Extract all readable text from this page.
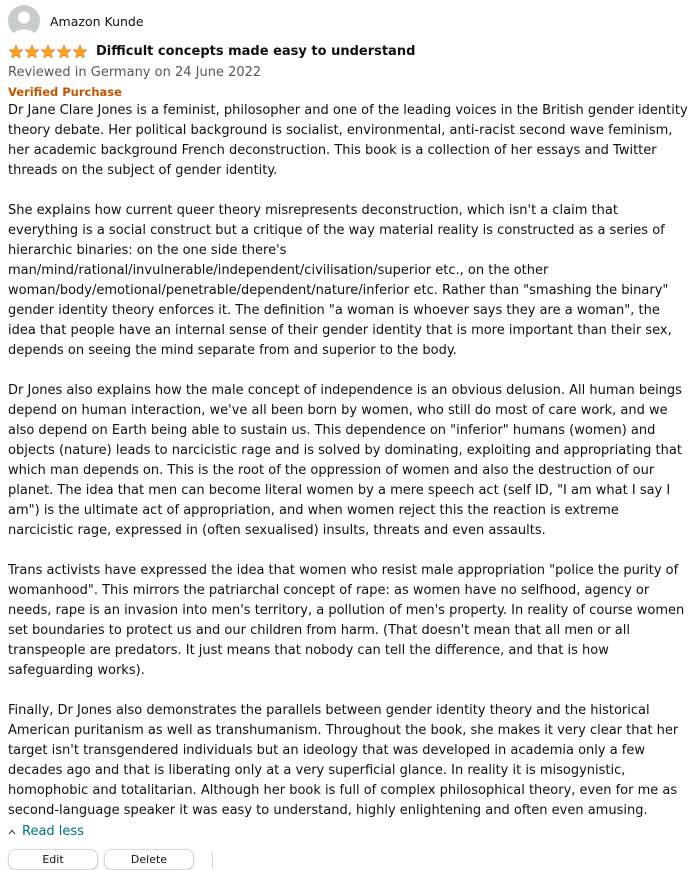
Amazon Kunde
Difficult concepts made easy to understand
Reviewed in Germany on 24 June 2022
Verified Purchase

Dr Jane Clare Jones is a feminist, philosopher and one of the leading voices in the British gender identity theory debate. Her political background is socialist, environmental, anti-racist second wave feminism, her academic background French deconstruction. This book is a collection of her essays and Twitter threads on the subject of gender identity.

She explains how current queer theory misrepresents deconstruction, which isn't a claim that everything is a social construct but a critique of the way material reality is constructed as a series of hierarchic binaries: on the one side there's man/mind/rational/invulnerable/independent/civilisation/superior etc., on the other woman/body/emotional/penetrable/dependent/nature/inferior etc. Rather than "smashing the binary" gender identity theory enforces it. The definition "a woman is whoever says they are a woman", the idea that people have an internal sense of their gender identity that is more important than their sex, depends on seeing the mind separate from and superior to the body.

Dr Jones also explains how the male concept of independence is an obvious delusion. All human beings depend on human interaction, we've all been born by women, who still do most of care work, and we also depend on Earth being able to sustain us. This dependence on "inferior" humans (women) and objects (nature) leads to narcicistic rage and is solved by dominating, exploiting and appropriating that which man depends on. This is the root of the oppression of women and also the destruction of our planet. The idea that men can become literal women by a mere speech act (self ID, "I am what I say I am") is the ultimate act of appropriation, and when women reject this the reaction is extreme narcicistic rage, expressed in (often sexualised) insults, threats and even assaults.

Trans activists have expressed the idea that women who resist male appropriation "police the purity of womanhood". This mirrors the patriarchal concept of rape: as women have no selfhood, agency or needs, rape is an invasion into men's territory, a pollution of men's property. In reality of course women set boundaries to protect us and our children from harm. (That doesn't mean that all men or all transpeople are predators. It just means that nobody can tell the difference, and that is how safeguarding works).

Finally, Dr Jones also demonstrates the parallels between gender identity theory and the historical American puritanism as well as transhumanism. Throughout the book, she makes it very clear that her target isn't transgendered individuals but an ideology that was developed in academia only a few decades ago and that is liberating only at a very superficial glance. In reality it is misogynistic, homophobic and totalitarian. Although her book is full of complex philosophical theory, even for me as second-language speaker it was easy to understand, highly enlightening and often even amusing.

Read less
Edit	Delete
